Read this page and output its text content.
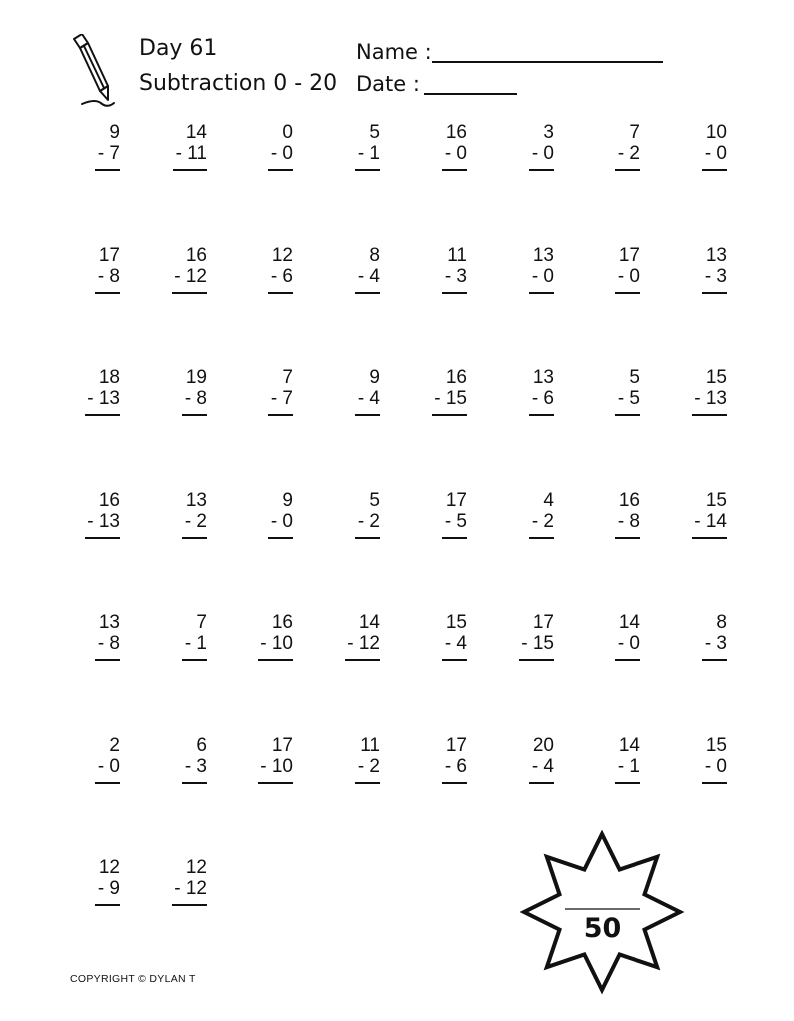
Day 61
Subtraction 0 - 20
Name :
Date :
9
- 7
14
- 11
0
- 0
5
- 1
16
- 0
3
- 0
7
- 2
10
- 0
17
- 8
16
- 12
12
- 6
8
- 4
11
- 3
13
- 0
17
- 0
13
- 3
18
- 13
19
- 8
7
- 7
9
- 4
16
- 15
13
- 6
5
- 5
15
- 13
16
- 13
13
- 2
9
- 0
5
- 2
17
- 5
4
- 2
16
- 8
15
- 14
13
- 8
7
- 1
16
- 10
14
- 12
15
- 4
17
- 15
14
- 0
8
- 3
2
- 0
6
- 3
17
- 10
11
- 2
17
- 6
20
- 4
14
- 1
15
- 0
12
- 9
12
- 12
50
COPYRIGHT © DYLAN T
